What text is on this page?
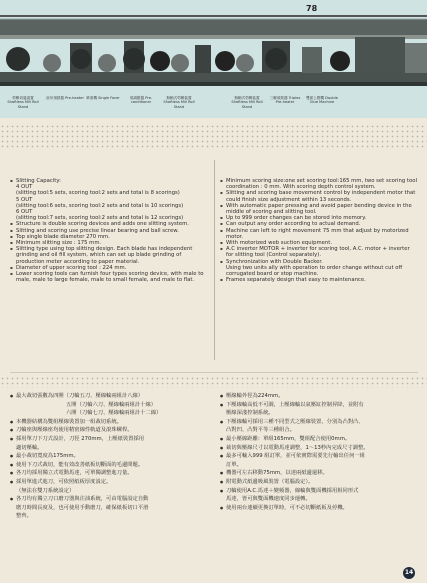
78
剪輯切邊裝置 Shaftless Mill Roll Stand
前吊預熱器 Pre-heater 單面機 Single Facer	預調節器 Pre-conditioner
無軸式剪輯裝置 Shaftless Mill Roll Stand
無軸式剪輯裝置 Shaftless Mill Roll Stand
三聯預熱器 Triplex Pre-heater
雙面上膠機 Double Glue Machine

▪ Slitting Capacity:
4 OUT
(slitting tool:5 sets, scoring tool:2 sets and total is 8 scorings)
5 OUT
(slitting tool:6 sets, scoring tool:2 sets and total is 10 scorings)
6 OUT
(slitting tool:7 sets, scoring tool:2 sets and total is 12 scorings)

▪ Structure is double scoring devices and adds one slitting system.

▪ Slitting and scoring use precise linear bearing and ball screw.

▪ Top single blade diameter 270 mm.

▪ Minimum slitting size : 175 mm.

▪ Slitting type using top slitting design. Each blade has independent grinding and oil fill system, which can set up blade grinding of production meter according to paper material.

▪ Diameter of upper scoring tool : 224 mm.

▪ Lower scoring tools can furnish four types scoring device, with male to male, male to large female, male to small female, and male to flat.

▪ Minimum scoring size:one set scoring tool:165 mm, two set scoring tool coordination : 0 mm. With scoring depth control system.

▪ Slitting and scoring base movement control by independent motor that could finish size adjustment within 13 seconds.

▪ With automatic paper pressing and avoid paper bending device in the middle of scoring and slitting tool.

▪ Up to 999 order changes can be stored into memory.

▪ Can output any order according to actual demand.

▪ Machine can left to right movement 75 mm that adjust by motorized motor.

▪ With motorized web suction equipment.

▪ A.C inverter MOTOR + inverter for scoring tool, A.C. motor + inverter for slitting tool (Control separately).

▪ Synchronization with Double Backer.
Using two units ally with operation to order change without cut off corrugated board or stop machine.

▪ Frames separately design that easy to maintenance.

● 最大裁切張數為四開（刀輪五刀、壓線輪兩組計八線）

五開（刀輪六刀、壓線輪兩組計十線）
六開（刀輪七刀、壓線輪兩組計十二線）

● 本機器結構為雙組壓線裝置加一組裁切系統。

● 刀輪座與壓線座均使用精密線性軌道及滾珠螺桿。

● 採用單刀下刀式設計，刀徑 270mm，上壓紙裝置採用
適切壓輪。

● 最小裁切寬度為175mm。

● 使用下刀式裁切，能有效改善紙板切斷面的毛邊問題。

● 各刀均採用獨立式電動馬達，可單獨調整進刀量。

● 採用單進式進刀，可依照紙板厚度設定。

（無法在雙刀系統設定）

● 各刀均有獨立刀口磨刀器與注油系統，可由電腦設定自動
磨刀時間長度及，也可使用手動磨刀，確保紙板切口平滑
整齊。

● 壓線輪外徑為224mm。

● 下壓線輪高低不可調，上壓線輪以氣壓缸控制昇降，並附有
壓線深淺控制系統。

● 下壓線輪可採用三種不同型式之壓線裝置，分別為凸對凸、
凸對凹、凸對平等三種組合。

● 最小壓線距離：單組165mm，雙組配合使用0mm。

● 裁切與壓線尺寸以電動馬達調整，1～13秒內完成尺寸調整。

● 最多可輸入999 組訂單，並可依實際需要先行輸出任何一組
訂單。

● 機器可左右移動75mm，以達兩紙邊還移。

● 附電動式紙邊吸風裝置（電腦設定）。

● 刀輪使用A.C.馬達＋變頻器，線輪與雙面機採用相同形式
馬達，皆可與雙面機速度同步運轉。

● 使用兩台連續更換訂單時，可不必切斷紙板及停機。

14
